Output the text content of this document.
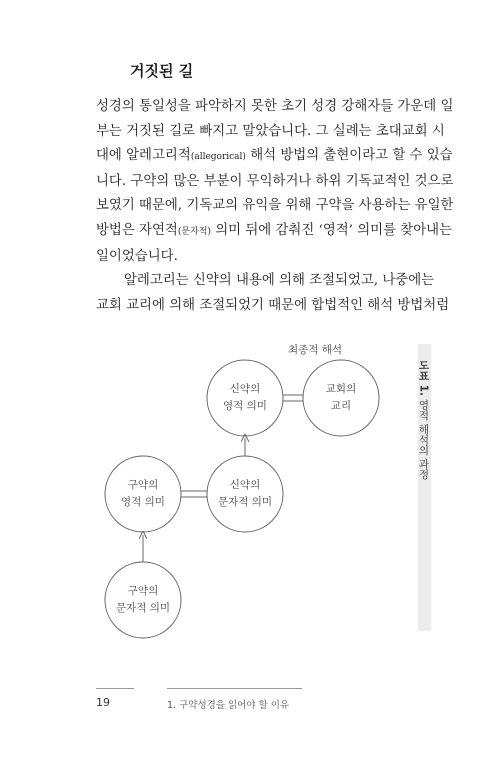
거짓된 길
성경의 통일성을 파악하지 못한 초기 성경 강해자들 가운데 일
부는 거짓된 길로 빠지고 말았습니다. 그 실례는 초대교회 시
대에 알레고리적(allegorical) 해석 방법의 출현이라고 할 수 있습
니다. 구약의 많은 부분이 무익하거나 하위 기독교적인 것으로
보였기 때문에, 기독교의 유익을 위해 구약을 사용하는 유일한
방법은 자연적(문자적) 의미 뒤에 감춰진 ‘영적’ 의미를 찾아내는
일이었습니다.
알레고리는 신약의 내용에 의해 조절되었고, 나중에는
교회 교리에 의해 조절되었기 때문에 합법적인 해석 방법처럼
최종적 해석
신약의
영적 의미
교회의
교리
구약의
영적 의미
신약의
문자적 의미
구약의
문자적 의미
도표 1. 영적 해석의 과정
19	1. 구약성경을 읽어야 할 이유
